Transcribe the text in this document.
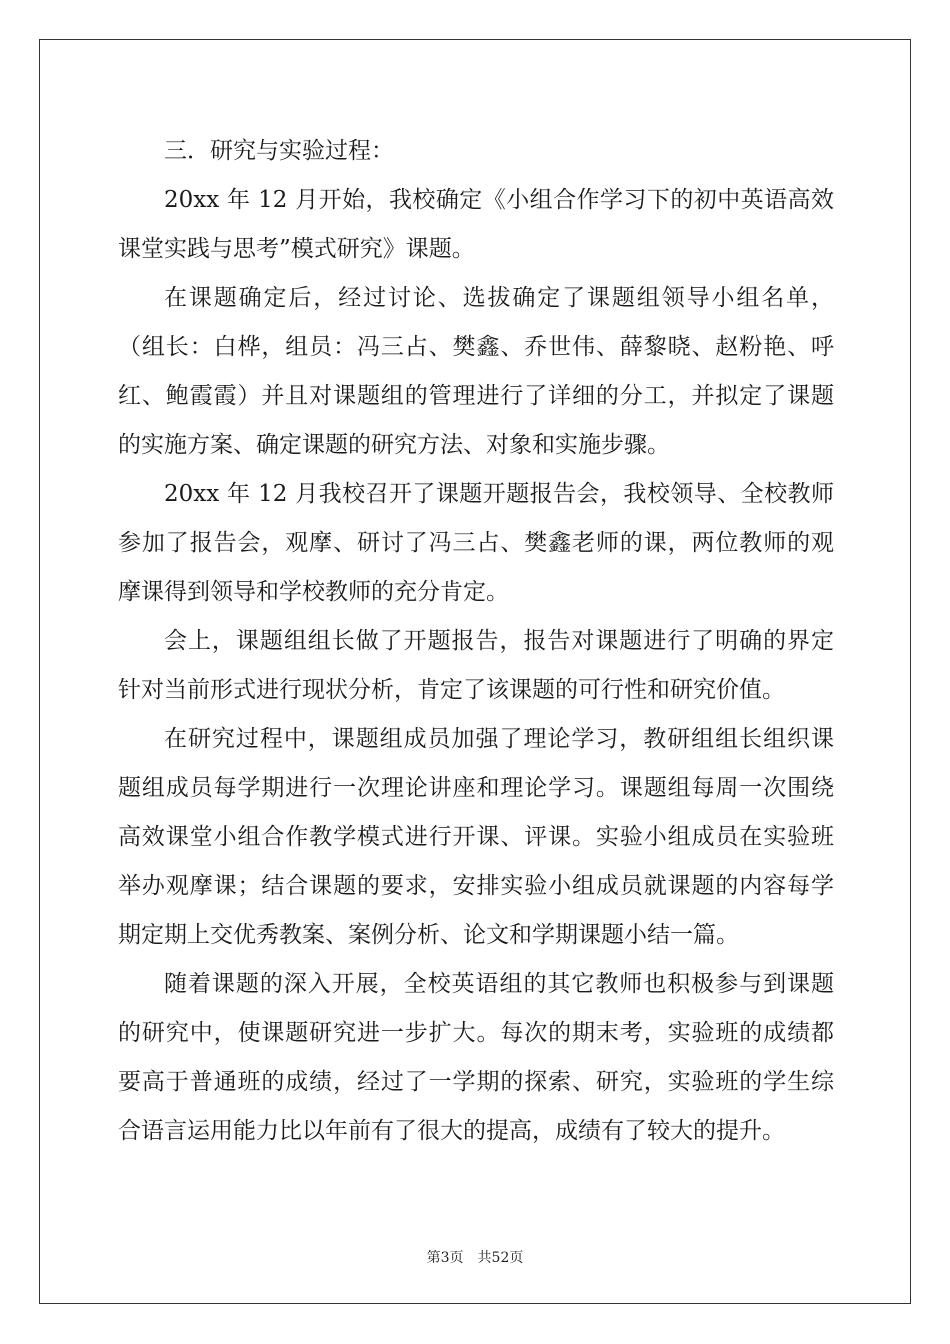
三．研究与实验过程：
20xx 年 12 月开始，我校确定《小组合作学习下的初中英语高效
课堂实践与思考”模式研究》课题。
在课题确定后，经过讨论、选拔确定了课题组领导小组名单，
（组长：白桦，组员：冯三占、樊鑫、乔世伟、薛黎晓、赵粉艳、呼
红、鲍霞霞）并且对课题组的管理进行了详细的分工，并拟定了课题
的实施方案、确定课题的研究方法、对象和实施步骤。
20xx 年 12 月我校召开了课题开题报告会，我校领导、全校教师
参加了报告会，观摩、研讨了冯三占、樊鑫老师的课，两位教师的观
摩课得到领导和学校教师的充分肯定。
会上，课题组组长做了开题报告，报告对课题进行了明确的界定
针对当前形式进行现状分析，肯定了该课题的可行性和研究价值。
在研究过程中，课题组成员加强了理论学习，教研组组长组织课
题组成员每学期进行一次理论讲座和理论学习。课题组每周一次围绕
高效课堂小组合作教学模式进行开课、评课。实验小组成员在实验班
举办观摩课；结合课题的要求，安排实验小组成员就课题的内容每学
期定期上交优秀教案、案例分析、论文和学期课题小结一篇。
随着课题的深入开展，全校英语组的其它教师也积极参与到课题
的研究中，使课题研究进一步扩大。每次的期末考，实验班的成绩都
要高于普通班的成绩，经过了一学期的探索、研究，实验班的学生综
合语言运用能力比以年前有了很大的提高，成绩有了较大的提升。
第3页 共52页
